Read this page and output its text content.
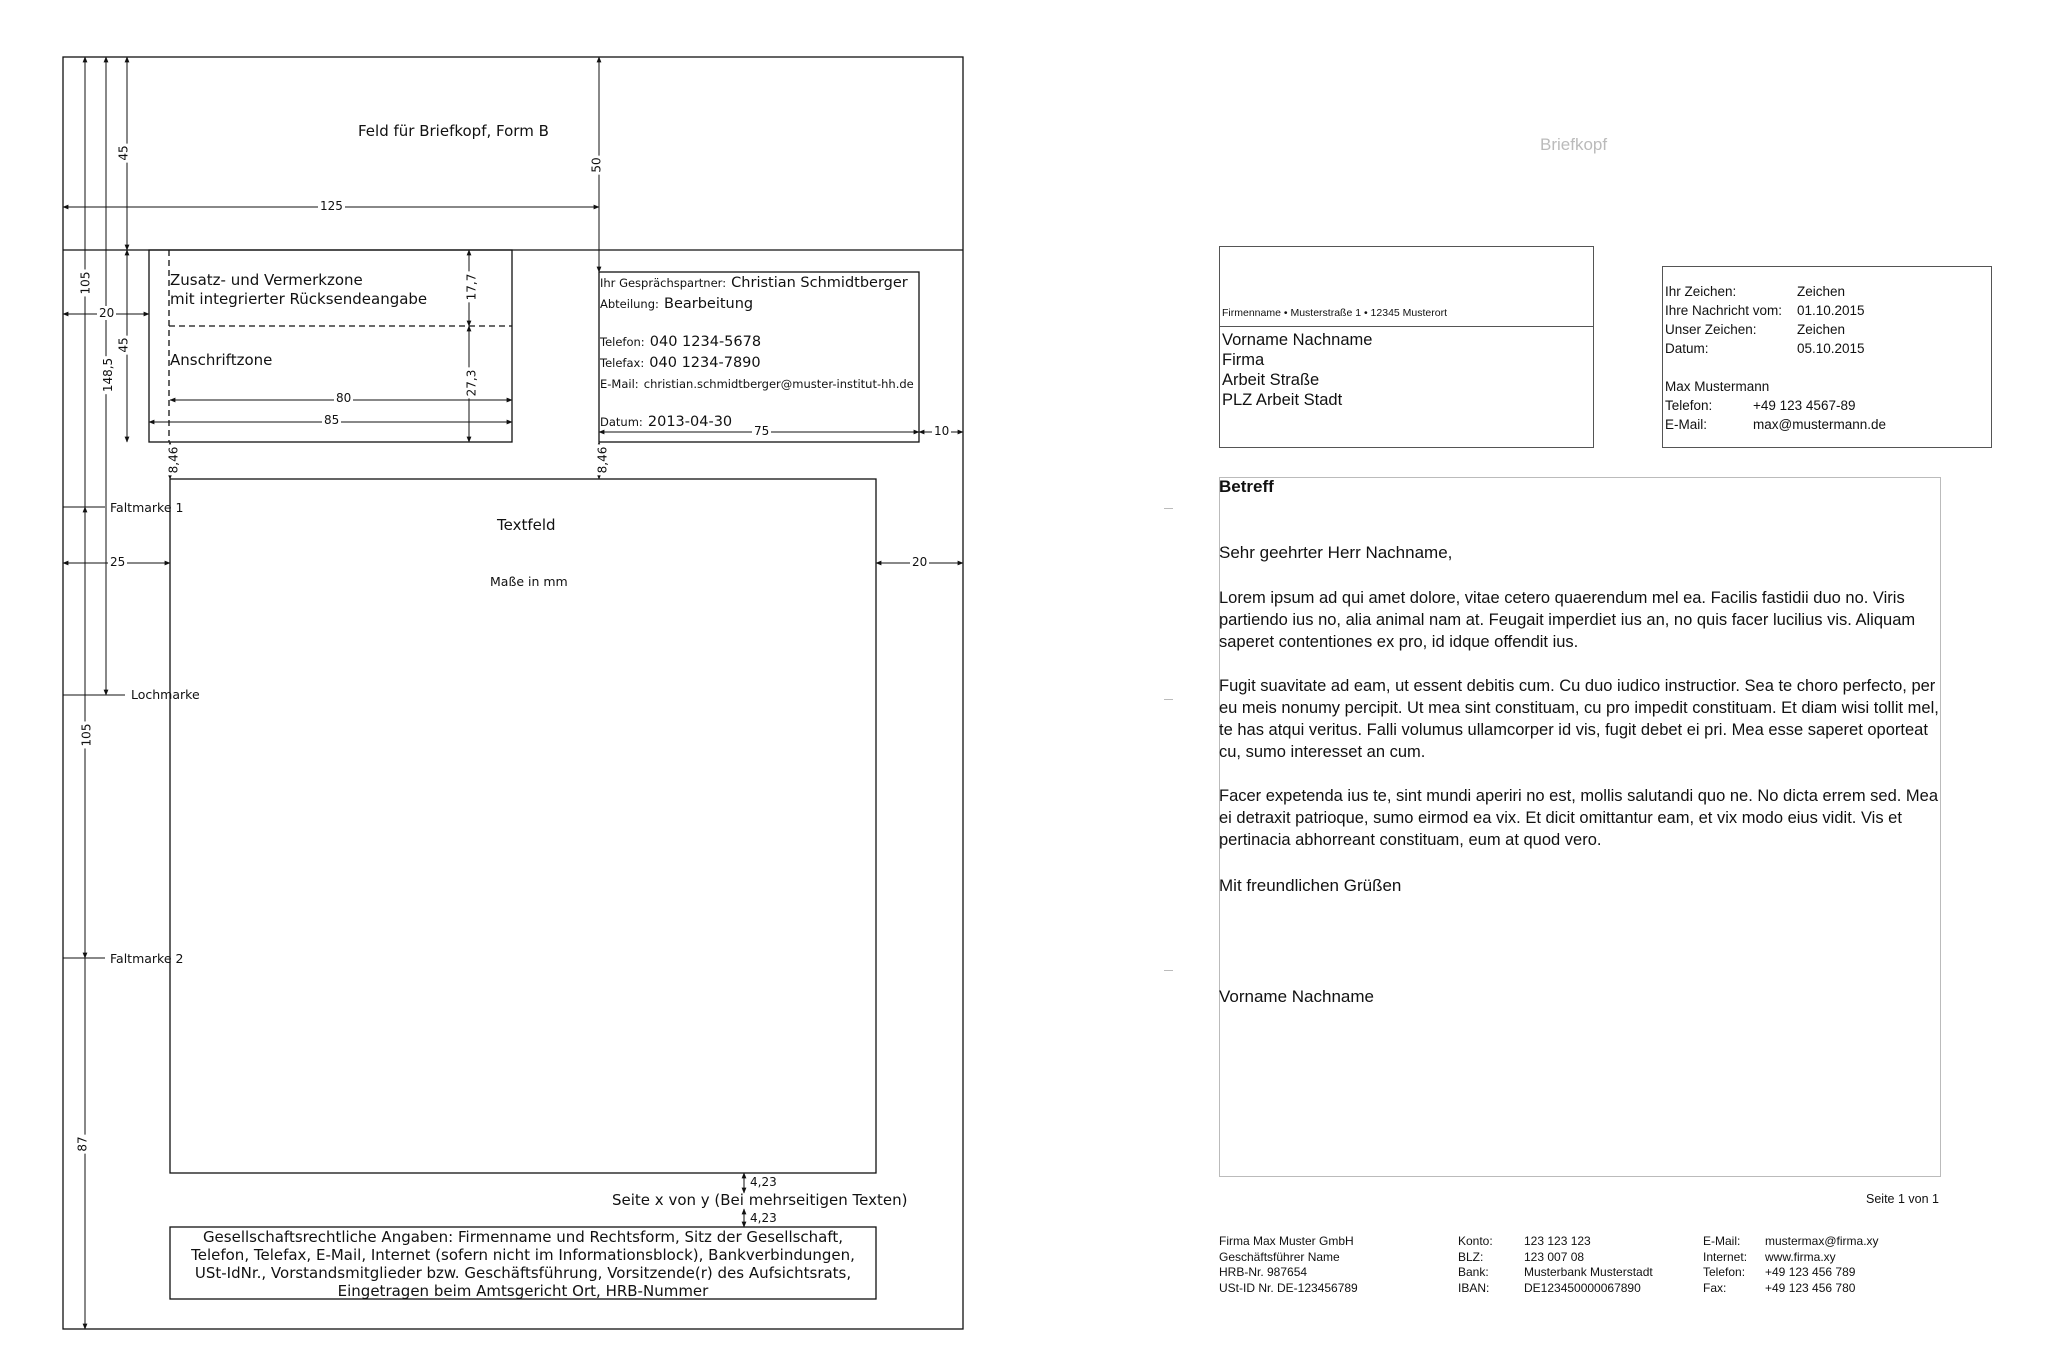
Feld für Briefkopf, Form B
45
50
125
105
20
148,5
45
17,7
27,3
80
85
75	10
8,46	8,46
Zusatz- und Vermerkzone
mit integrierter Rücksendeangabe
Anschriftzone
Ihr Gesprächspartner: Christian Schmidtberger
Abteilung: Bearbeitung
Telefon: 040 1234-5678
Telefax: 040 1234-7890
E-Mail: christian.schmidtberger@muster-institut-hh.de
Datum: 2013-04-30
Faltmarke 1
Lochmarke
Faltmarke 2
25	20
105
87
Textfeld
Maße in mm
4,23
Seite x von y (Bei mehrseitigen Texten)
4,23
Gesellschaftsrechtliche Angaben: Firmenname und Rechtsform, Sitz der Gesellschaft,
Telefon, Telefax, E-Mail, Internet (sofern nicht im Informationsblock), Bankverbindungen,
USt-IdNr., Vorstandsmitglieder bzw. Geschäftsführung, Vorsitzende(r) des Aufsichtsrats,
Eingetragen beim Amtsgericht Ort, HRB-Nummer
Briefkopf
Firmenname • Musterstraße 1 • 12345 Musterort
Vorname Nachname
Firma
Arbeit Straße
PLZ Arbeit Stadt
Ihr Zeichen:	Zeichen
Ihre Nachricht vom:	01.10.2015
Unser Zeichen:	Zeichen
Datum:	05.10.2015
Max Mustermann
Telefon:	+49 123 4567-89
E-Mail:	max@mustermann.de
Betreff
Sehr geehrter Herr Nachname,
Lorem ipsum ad qui amet dolore, vitae cetero quaerendum mel ea. Facilis fastidii duo no. Viris partiendo ius no, alia animal nam at. Feugait imperdiet ius an, no quis facer lucilius vis. Aliquam saperet contentiones ex pro, id idque offendit ius.
Fugit suavitate ad eam, ut essent debitis cum. Cu duo iudico instructior. Sea te choro perfecto, per eu meis nonumy percipit. Ut mea sint constituam, cu pro impedit constituam. Et diam wisi tollit mel, te has atqui veritus. Falli volumus ullamcorper id vis, fugit debet ei pri. Mea esse saperet oporteat cu, sumo interesset an cum.
Facer expetenda ius te, sint mundi aperiri no est, mollis salutandi quo ne. No dicta errem sed. Mea ei detraxit patrioque, sumo eirmod ea vix. Et dicit omittantur eam, et vix modo eius vidit. Vis et pertinacia abhorreant constituam, eum at quod vero.
Mit freundlichen Grüßen
Vorname Nachname
Seite 1 von 1
Firma Max Muster GmbH
Geschäftsführer Name
HRB-Nr. 987654
USt-ID Nr. DE-123456789
Konto:	123 123 123
BLZ:	123 007 08
Bank:	Musterbank Musterstadt
IBAN:	DE123450000067890
E-Mail:	mustermax@firma.xy
Internet:	www.firma.xy
Telefon:	+49 123 456 789
Fax:	+49 123 456 780
